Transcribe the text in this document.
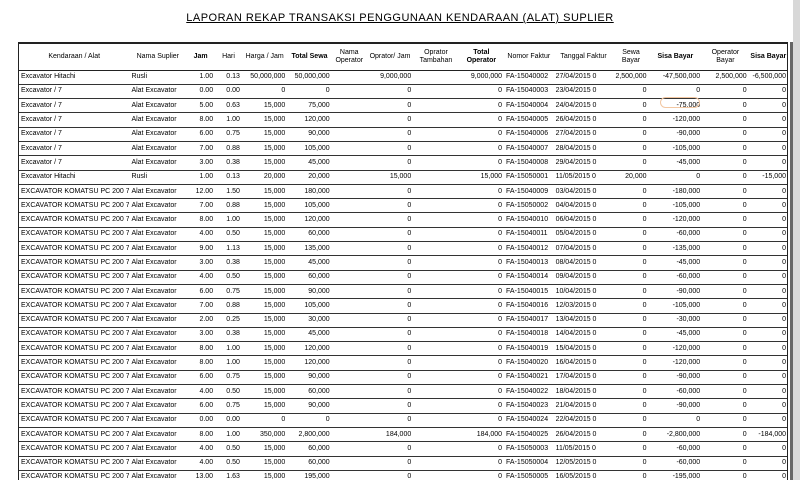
LAPORAN REKAP TRANSAKSI PENGGUNAAN KENDARAAN (ALAT) SUPLIER
Kendaraan / Alat	Nama Suplier	Jam	Hari	Harga / Jam	Total Sewa	Nama Operator	Oprator/ Jam	Oprator Tambahan	Total Operator	Nomor Faktur	Tanggal Faktur	Sewa Bayar	Sisa Bayar	Operator Bayar	Sisa Bayar
Excavator Hitachi	Rusli	1.00	0.13	50,000,000	50,000,000		9,000,000		9,000,000	FA-15040002	27/04/2015 0	2,500,000	-47,500,000	2,500,000	-6,500,000
Excavator / 7	Alat Excavator	0.00	0.00	0	0		0		0	FA-15040003	23/04/2015 0	0	0	0	0
Excavator / 7	Alat Excavator	5.00	0.63	15,000	75,000		0		0	FA-15040004	24/04/2015 0	0	-75,000	0	0
Excavator / 7	Alat Excavator	8.00	1.00	15,000	120,000		0		0	FA-15040005	26/04/2015 0	0	-120,000	0	0
Excavator / 7	Alat Excavator	6.00	0.75	15,000	90,000		0		0	FA-15040006	27/04/2015 0	0	-90,000	0	0
Excavator / 7	Alat Excavator	7.00	0.88	15,000	105,000		0		0	FA-15040007	28/04/2015 0	0	-105,000	0	0
Excavator / 7	Alat Excavator	3.00	0.38	15,000	45,000		0		0	FA-15040008	29/04/2015 0	0	-45,000	0	0
Excavator Hitachi	Rusli	1.00	0.13	20,000	20,000		15,000		15,000	FA-15050001	11/05/2015 0	20,000	0	0	-15,000
EXCAVATOR KOMATSU PC 200 7	Alat Excavator	12.00	1.50	15,000	180,000		0		0	FA-15040009	03/04/2015 0	0	-180,000	0	0
EXCAVATOR KOMATSU PC 200 7	Alat Excavator	7.00	0.88	15,000	105,000		0		0	FA-15050002	04/04/2015 0	0	-105,000	0	0
EXCAVATOR KOMATSU PC 200 7	Alat Excavator	8.00	1.00	15,000	120,000		0		0	FA-15040010	06/04/2015 0	0	-120,000	0	0
EXCAVATOR KOMATSU PC 200 7	Alat Excavator	4.00	0.50	15,000	60,000		0		0	FA-15040011	05/04/2015 0	0	-60,000	0	0
EXCAVATOR KOMATSU PC 200 7	Alat Excavator	9.00	1.13	15,000	135,000		0		0	FA-15040012	07/04/2015 0	0	-135,000	0	0
EXCAVATOR KOMATSU PC 200 7	Alat Excavator	3.00	0.38	15,000	45,000		0		0	FA-15040013	08/04/2015 0	0	-45,000	0	0
EXCAVATOR KOMATSU PC 200 7	Alat Excavator	4.00	0.50	15,000	60,000		0		0	FA-15040014	09/04/2015 0	0	-60,000	0	0
EXCAVATOR KOMATSU PC 200 7	Alat Excavator	6.00	0.75	15,000	90,000		0		0	FA-15040015	10/04/2015 0	0	-90,000	0	0
EXCAVATOR KOMATSU PC 200 7	Alat Excavator	7.00	0.88	15,000	105,000		0		0	FA-15040016	12/03/2015 0	0	-105,000	0	0
EXCAVATOR KOMATSU PC 200 7	Alat Excavator	2.00	0.25	15,000	30,000		0		0	FA-15040017	13/04/2015 0	0	-30,000	0	0
EXCAVATOR KOMATSU PC 200 7	Alat Excavator	3.00	0.38	15,000	45,000		0		0	FA-15040018	14/04/2015 0	0	-45,000	0	0
EXCAVATOR KOMATSU PC 200 7	Alat Excavator	8.00	1.00	15,000	120,000		0		0	FA-15040019	15/04/2015 0	0	-120,000	0	0
EXCAVATOR KOMATSU PC 200 7	Alat Excavator	8.00	1.00	15,000	120,000		0		0	FA-15040020	16/04/2015 0	0	-120,000	0	0
EXCAVATOR KOMATSU PC 200 7	Alat Excavator	6.00	0.75	15,000	90,000		0		0	FA-15040021	17/04/2015 0	0	-90,000	0	0
EXCAVATOR KOMATSU PC 200 7	Alat Excavator	4.00	0.50	15,000	60,000		0		0	FA-15040022	18/04/2015 0	0	-60,000	0	0
EXCAVATOR KOMATSU PC 200 7	Alat Excavator	6.00	0.75	15,000	90,000		0		0	FA-15040023	21/04/2015 0	0	-90,000	0	0
EXCAVATOR KOMATSU PC 200 7	Alat Excavator	0.00	0.00	0	0		0		0	FA-15040024	22/04/2015 0	0	0	0	0
EXCAVATOR KOMATSU PC 200 7	Alat Excavator	8.00	1.00	350,000	2,800,000		184,000		184,000	FA-15040025	26/04/2015 0	0	-2,800,000	0	-184,000
EXCAVATOR KOMATSU PC 200 7	Alat Excavator	4.00	0.50	15,000	60,000		0		0	FA-15050003	11/05/2015 0	0	-60,000	0	0
EXCAVATOR KOMATSU PC 200 7	Alat Excavator	4.00	0.50	15,000	60,000		0		0	FA-15050004	12/05/2015 0	0	-60,000	0	0
EXCAVATOR KOMATSU PC 200 7	Alat Excavator	13.00	1.63	15,000	195,000		0		0	FA-15050005	16/05/2015 0	0	-195,000	0	0
